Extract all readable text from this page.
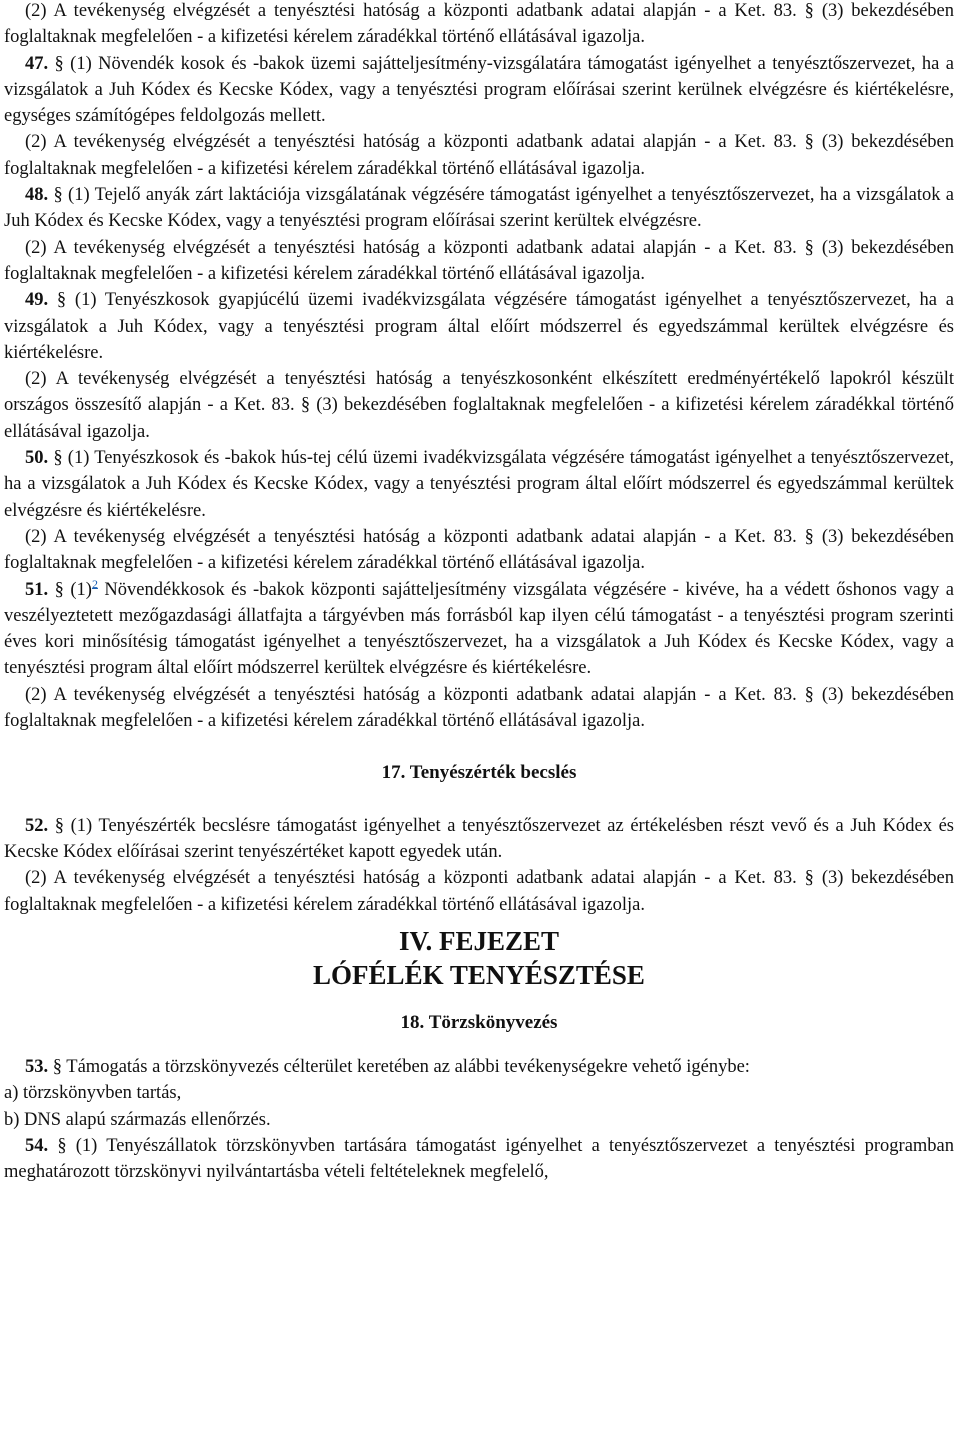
(2) A tevékenység elvégzését a tenyésztési hatóság a központi adatbank adatai alapján - a Ket. 83. § (3) bekezdésében foglaltaknak megfelelően - a kifizetési kérelem záradékkal történő ellátásával igazolja.

47. § (1) Növendék kosok és -bakok üzemi sajátteljesítmény-vizsgálatára támogatást igényelhet a tenyésztőszervezet, ha a vizsgálatok a Juh Kódex és Kecske Kódex, vagy a tenyésztési program előírásai szerint kerülnek elvégzésre és kiértékelésre, egységes számítógépes feldolgozás mellett.

(2) A tevékenység elvégzését a tenyésztési hatóság a központi adatbank adatai alapján - a Ket. 83. § (3) bekezdésében foglaltaknak megfelelően - a kifizetési kérelem záradékkal történő ellátásával igazolja.

48. § (1) Tejelő anyák zárt laktációja vizsgálatának végzésére támogatást igényelhet a tenyésztőszervezet, ha a vizsgálatok a Juh Kódex és Kecske Kódex, vagy a tenyésztési program előírásai szerint kerültek elvégzésre.

(2) A tevékenység elvégzését a tenyésztési hatóság a központi adatbank adatai alapján - a Ket. 83. § (3) bekezdésében foglaltaknak megfelelően - a kifizetési kérelem záradékkal történő ellátásával igazolja.

49. § (1) Tenyészkosok gyapjúcélú üzemi ivadékvizsgálata végzésére támogatást igényelhet a tenyésztőszervezet, ha a vizsgálatok a Juh Kódex, vagy a tenyésztési program által előírt módszerrel és egyedszámmal kerültek elvégzésre és kiértékelésre.

(2) A tevékenység elvégzését a tenyésztési hatóság a tenyészkosonként elkészített eredményértékelő lapokról készült országos összesítő alapján - a Ket. 83. § (3) bekezdésében foglaltaknak megfelelően - a kifizetési kérelem záradékkal történő ellátásával igazolja.

50. § (1) Tenyészkosok és -bakok hús-tej célú üzemi ivadékvizsgálata végzésére támogatást igényelhet a tenyésztőszervezet, ha a vizsgálatok a Juh Kódex és Kecske Kódex, vagy a tenyésztési program által előírt módszerrel és egyedszámmal kerültek elvégzésre és kiértékelésre.

(2) A tevékenység elvégzését a tenyésztési hatóság a központi adatbank adatai alapján - a Ket. 83. § (3) bekezdésében foglaltaknak megfelelően - a kifizetési kérelem záradékkal történő ellátásával igazolja.

51. § $(1)^2$ Növendékkosok és -bakok központi sajátteljesítmény vizsgálata végzésére - kivéve, ha a védett őshonos vagy a veszélyeztetett mezőgazdasági állatfajta a tárgyévben más forrásból kap ilyen célú támogatást - a tenyésztési program szerinti éves kori minősítésig támogatást igényelhet a tenyésztőszervezet, ha a vizsgálatok a Juh Kódex és Kecske Kódex, vagy a tenyésztési program által előírt módszerrel kerültek elvégzésre és kiértékelésre.

(2) A tevékenység elvégzését a tenyésztési hatóság a központi adatbank adatai alapján - a Ket. 83. § (3) bekezdésében foglaltaknak megfelelően - a kifizetési kérelem záradékkal történő ellátásával igazolja.

17. Tenyészérték becslés

52. § (1) Tenyészérték becslésre támogatást igényelhet a tenyésztőszervezet az értékelésben részt vevő és a Juh Kódex és Kecske Kódex előírásai szerint tenyészértéket kapott egyedek után.

(2) A tevékenység elvégzését a tenyésztési hatóság a központi adatbank adatai alapján - a Ket. 83. § (3) bekezdésében foglaltaknak megfelelően - a kifizetési kérelem záradékkal történő ellátásával igazolja.

IV. FEJEZET

LÓFÉLÉK TENYÉSZTÉSE

18. Törzskönyvezés

53. § Támogatás a törzskönyvezés célterület keretében az alábbi tevékenységekre vehető igénybe:

a) törzskönyvben tartás,

b) DNS alapú származás ellenőrzés.

54. § (1) Tenyészállatok törzskönyvben tartására támogatást igényelhet a tenyésztőszervezet a tenyésztési programban meghatározott törzskönyvi nyilvántartásba vételi feltételeknek megfelelő,
